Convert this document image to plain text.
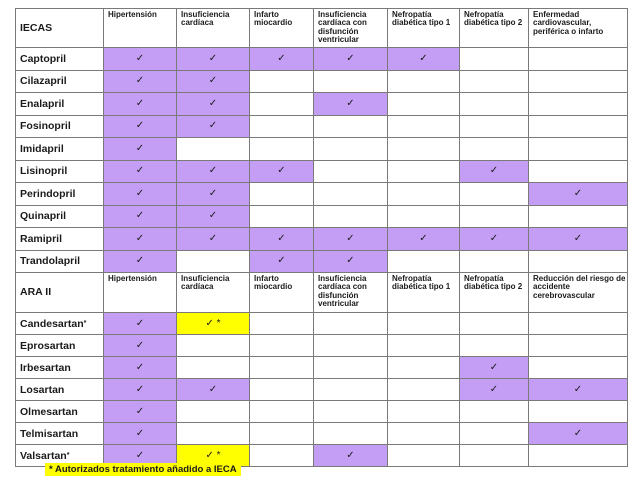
IECAS	Hipertensión	Insuficiencia cardíaca	Infarto miocardio	Insuficiencia cardíaca con disfunción ventricular	Nefropatía diabética tipo 1	Nefropatía diabética tipo 2	Enfermedad cardiovascular, periférica o infarto
Captopril	✓	✓	✓	✓	✓		
Cilazapril	✓	✓					
Enalapril	✓	✓		✓			
Fosinopril	✓	✓					
Imidapril	✓						
Lisinopril	✓	✓	✓			✓	
Perindopril	✓	✓					✓
Quinapril	✓	✓					
Ramipril	✓	✓	✓	✓	✓	✓	✓
Trandolapril	✓		✓	✓			
ARA II	Hipertensión	Insuficiencia cardíaca	Infarto miocardio	Insuficiencia cardíaca con disfunción ventricular	Nefropatía diabética tipo 1	Nefropatía diabética tipo 2	Reducción del riesgo de accidente cerebrovascular
Candesartan*	✓	✓ *					
Eprosartan	✓						
Irbesartan	✓					✓	
Losartan	✓	✓				✓	✓
Olmesartan	✓						
Telmisartan	✓						✓
Valsartan*	✓	✓ *		✓			
* Autorizados tratamiento añadido a IECA
